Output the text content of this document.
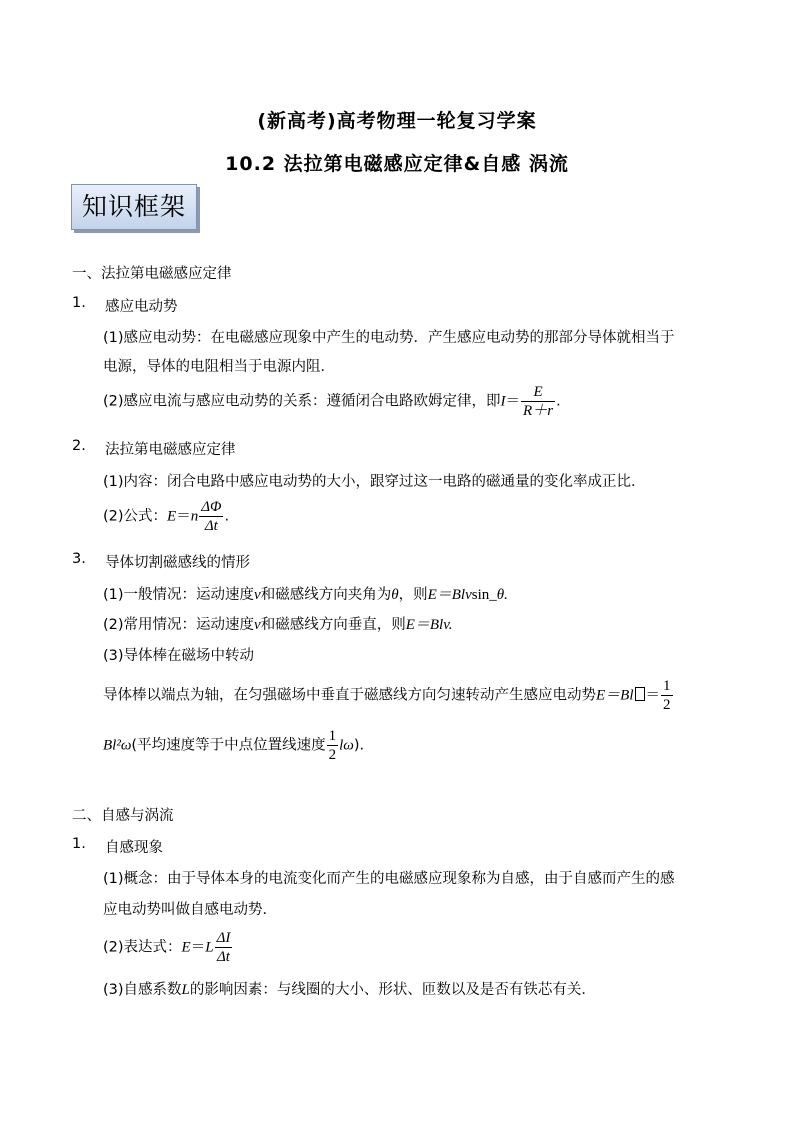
(新高考)高考物理一轮复习学案
10.2 法拉第电磁感应定律&自感 涡流
知识框架
一、法拉第电磁感应定律
1. 感应电动势
(1)感应电动势：在电磁感应现象中产生的电动势．产生感应电动势的那部分导体就相当于
电源，导体的电阻相当于电源内阻．
(2)感应电流与感应电动势的关系：遵循闭合电路欧姆定律，即$I= \frac{E}{R+r}$ .
2. 法拉第电磁感应定律
(1)内容：闭合电路中感应电动势的大小，跟穿过这一电路的磁通量的变化率成正比．
(2)公式：$E=n \frac{\Delta\Phi}{\Delta t}$ .
3. 导体切割磁感线的情形
(1)一般情况：运动速度v和磁感线方向夹角为θ，则E＝Blvsin_θ.
(2)常用情况：运动速度v和磁感线方向垂直，则E＝Blv.
(3)导体棒在磁场中转动
导体棒以端点为轴，在匀强磁场中垂直于磁感线方向匀速转动产生感应电动势$E=Bl = \frac{1}{2}$
Bl²ω(平均速度等于中点位置线速度 $\frac{1}{2} l\omega$).
二、自感与涡流
1. 自感现象
(1)概念：由于导体本身的电流变化而产生的电磁感应现象称为自感，由于自感而产生的感
应电动势叫做自感电动势．
(2)表达式：$E=L \frac{\Delta I}{\Delta t}$
(3)自感系数L的影响因素：与线圈的大小、形状、匝数以及是否有铁芯有关．
